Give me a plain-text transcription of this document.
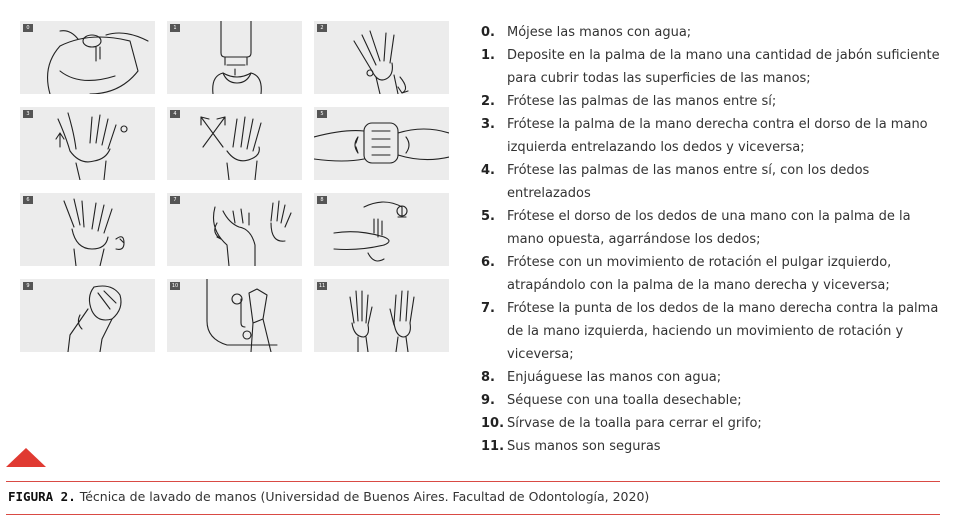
0	1	2
3	4	5
6	7	8
9	10	11
0. Mójese las manos con agua;
1. Deposite en la palma de la mano una cantidad de jabón suficiente para cubrir todas las superficies de las manos;
2. Frótese las palmas de las manos entre sí;
3. Frótese la palma de la mano derecha contra el dorso de la mano izquierda entrelazando los dedos y viceversa;
4. Frótese las palmas de las manos entre sí, con los dedos entrelazados
5. Frótese el dorso de los dedos de una mano con la palma de la mano opuesta, agarrándose los dedos;
6. Frótese con un movimiento de rotación el pulgar izquierdo, atrapándolo con la palma de la mano derecha y viceversa;
7. Frótese la punta de los dedos de la mano derecha contra la palma de la mano izquierda, haciendo un movimiento de rotación y viceversa;
8. Enjuáguese las manos con agua;
9. Séquese con una toalla desechable;
10. Sírvase de la toalla para cerrar el grifo;
11. Sus manos son seguras
FIGURA 2. Técnica de lavado de manos (Universidad de Buenos Aires. Facultad de Odontología, 2020)
